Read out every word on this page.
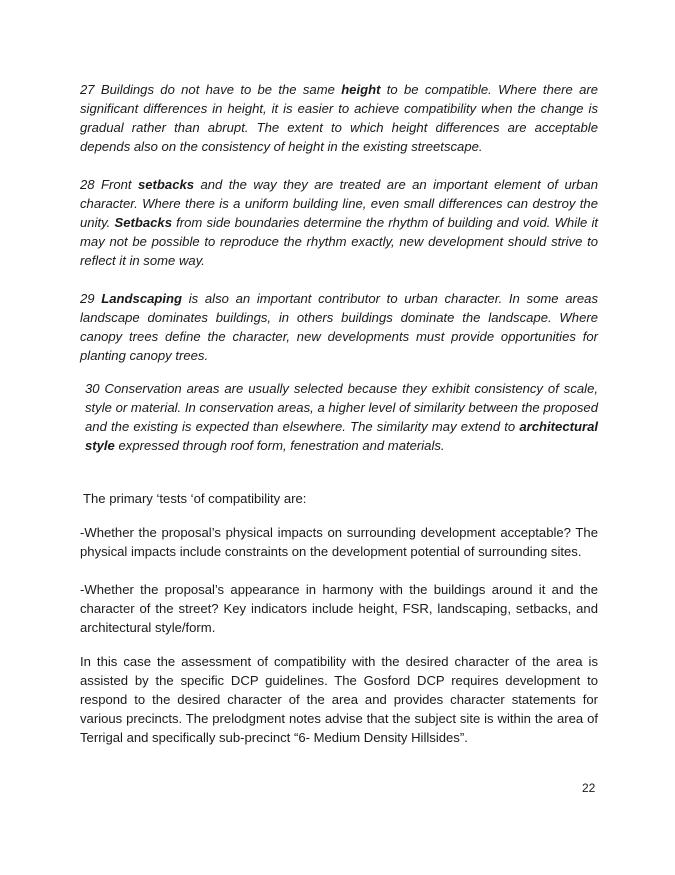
27 Buildings do not have to be the same height to be compatible. Where there are significant differences in height, it is easier to achieve compatibility when the change is gradual rather than abrupt. The extent to which height differences are acceptable depends also on the consistency of height in the existing streetscape.

28 Front setbacks and the way they are treated are an important element of urban character. Where there is a uniform building line, even small differences can destroy the unity. Setbacks from side boundaries determine the rhythm of building and void. While it may not be possible to reproduce the rhythm exactly, new development should strive to reflect it in some way.

29 Landscaping is also an important contributor to urban character. In some areas landscape dominates buildings, in others buildings dominate the landscape. Where canopy trees define the character, new developments must provide opportunities for planting canopy trees.

30 Conservation areas are usually selected because they exhibit consistency of scale, style or material. In conservation areas, a higher level of similarity between the proposed and the existing is expected than elsewhere. The similarity may extend to architectural style expressed through roof form, fenestration and materials.

The primary ‘tests ‘of compatibility are:

-Whether the proposal’s physical impacts on surrounding development acceptable? The physical impacts include constraints on the development potential of surrounding sites.

-Whether the proposal’s appearance in harmony with the buildings around it and the character of the street? Key indicators include height, FSR, landscaping, setbacks, and architectural style/form.

In this case the assessment of compatibility with the desired character of the area is assisted by the specific DCP guidelines. The Gosford DCP requires development to respond to the desired character of the area and provides character statements for various precincts. The prelodgment notes advise that the subject site is within the area of Terrigal and specifically sub-precinct “6- Medium Density Hillsides”.

22
